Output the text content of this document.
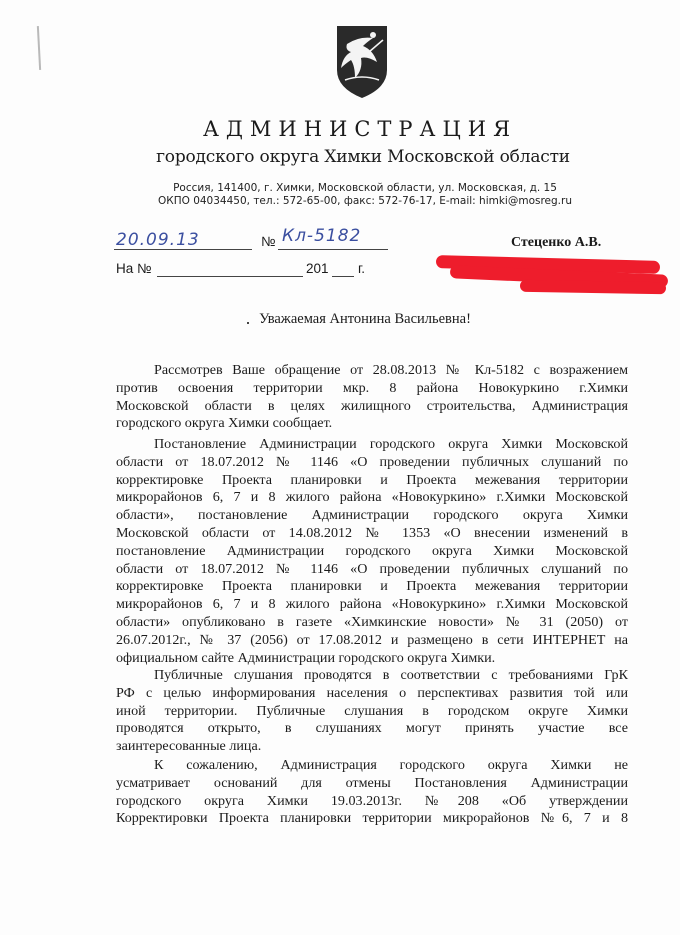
АДМИНИСТРАЦИЯ
городского округа Химки Московской области
Россия, 141400, г. Химки, Московской области, ул. Московская, д. 15
ОКПО 04034450, тел.: 572-65-00, факс: 572-76-17, E-mail: himki@mosreg.ru
20.09.13	№ Кл-5182
На №	201 г.
Стеценко А.В.
Уважаемая Антонина Васильевна!
Рассмотрев Ваше обращение от 28.08.2013 № Кл-5182 с возражением
против освоения территории мкр. 8 района Новокуркино г.Химки
Московской области в целях жилищного строительства, Администрация
городского округа Химки сообщает.
Постановление Администрации городского округа Химки Московской
области от 18.07.2012 № 1146 «О проведении публичных слушаний по
корректировке Проекта планировки и Проекта межевания территории
микрорайонов 6, 7 и 8 жилого района «Новокуркино» г.Химки Московской
области», постановление Администрации городского округа Химки
Московской области от 14.08.2012 № 1353 «О внесении изменений в
постановление Администрации городского округа Химки Московской
области от 18.07.2012 № 1146 «О проведении публичных слушаний по
корректировке Проекта планировки и Проекта межевания территории
микрорайонов 6, 7 и 8 жилого района «Новокуркино» г.Химки Московской
области» опубликовано в газете «Химкинские новости» № 31 (2050) от
26.07.2012г., № 37 (2056) от 17.08.2012 и размещено в сети ИНТЕРНЕТ на
официальном сайте Администрации городского округа Химки.
Публичные слушания проводятся в соответствии с требованиями ГрК
РФ с целью информирования населения о перспективах развития той или
иной территории. Публичные слушания в городском округе Химки
проводятся открыто, в слушаниях могут принять участие все
заинтересованные лица.
К сожалению, Администрация городского округа Химки не
усматривает оснований для отмены Постановления Администрации
городского округа Химки 19.03.2013г. №208 «Об утверждении
Корректировки Проекта планировки территории микрорайонов №6, 7 и 8
